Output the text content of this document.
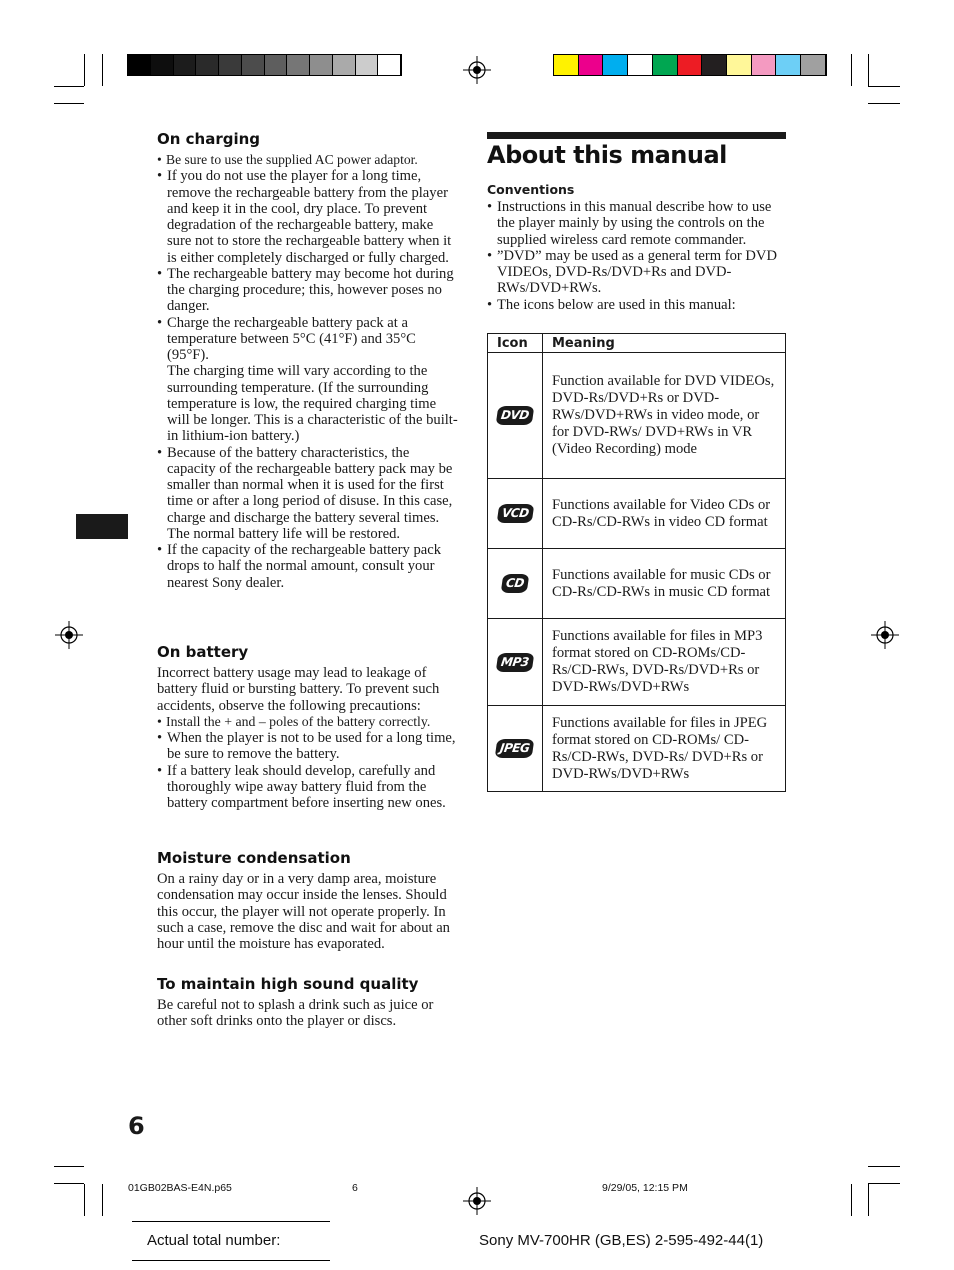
On charging

• Be sure to use the supplied AC power adaptor.

• If you do not use the player for a long time, remove the rechargeable battery from the player and keep it in the cool, dry place. To prevent degradation of the rechargeable battery, make sure not to store the rechargeable battery when it is either completely discharged or fully charged.

• The rechargeable battery may become hot during the charging procedure; this, however poses no danger.

• Charge the rechargeable battery pack at a temperature between 5°C (41°F) and 35°C (95°F).

The charging time will vary according to the surrounding temperature. (If the surrounding temperature is low, the required charging time will be longer. This is a characteristic of the built-in lithium-ion battery.)

• Because of the battery characteristics, the capacity of the rechargeable battery pack may be smaller than normal when it is used for the first time or after a long period of disuse. In this case, charge and discharge the battery several times. The normal battery life will be restored.

• If the capacity of the rechargeable battery pack drops to half the normal amount, consult your nearest Sony dealer.

On battery

Incorrect battery usage may lead to leakage of battery fluid or bursting battery. To prevent such accidents, observe the following precautions:

• Install the + and – poles of the battery correctly.

• When the player is not to be used for a long time, be sure to remove the battery.

• If a battery leak should develop, carefully and thoroughly wipe away battery fluid from the battery compartment before inserting new ones.

Moisture condensation

On a rainy day or in a very damp area, moisture condensation may occur inside the lenses. Should this occur, the player will not operate properly. In such a case, remove the disc and wait for about an hour until the moisture has evaporated.

To maintain high sound quality

Be careful not to splash a drink such as juice or other soft drinks onto the player or discs.

About this manual
Conventions

• Instructions in this manual describe how to use the player mainly by using the controls on the supplied wireless card remote commander.

• ”DVD” may be used as a general term for DVD VIDEOs, DVD-Rs/DVD+Rs and DVD-RWs/DVD+RWs.

• The icons below are used in this manual:

Icon	Meaning
DVD	Function available for DVD VIDEOs, DVD-Rs/DVD+Rs or DVD-RWs/DVD+RWs in video mode, or for DVD-RWs/ DVD+RWs in VR (Video Recording) mode
VCD	Functions available for Video CDs or CD-Rs/CD-RWs in video CD format
CD	Functions available for music CDs or CD-Rs/CD-RWs in music CD format
MP3	Functions available for files in MP3 format stored on CD-ROMs/CD-Rs/CD-RWs, DVD-Rs/DVD+Rs or DVD-RWs/DVD+RWs
JPEG	Functions available for files in JPEG format stored on CD-ROMs/ CD-Rs/CD-RWs, DVD-Rs/ DVD+Rs or DVD-RWs/DVD+RWs
6
01GB02BAS-E4N.p65	6	9/29/05, 12:15 PM
Actual total number:	Sony MV-700HR (GB,ES) 2-595-492-44(1)
